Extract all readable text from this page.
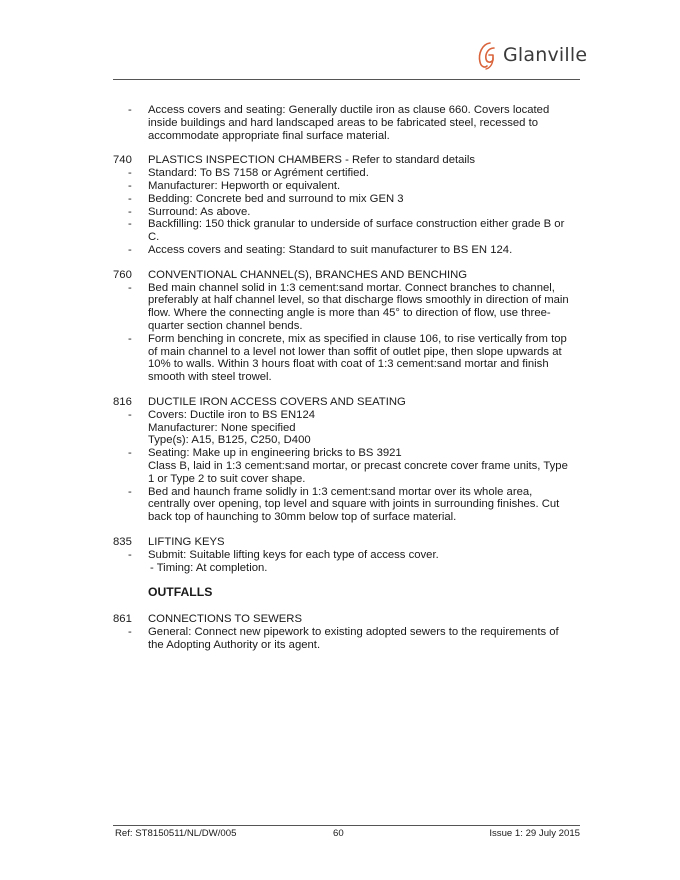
Glanville
-	Access covers and seating: Generally ductile iron as clause 660. Covers located
inside buildings and hard landscaped areas to be fabricated steel, recessed to
accommodate appropriate final surface material.
740	PLASTICS INSPECTION CHAMBERS - Refer to standard details
-	Standard: To BS 7158 or Agrément certified.
-	Manufacturer: Hepworth or equivalent.
-	Bedding: Concrete bed and surround to mix GEN 3
-	Surround: As above.
-	Backfilling: 150 thick granular to underside of surface construction either grade B or
C.
-	Access covers and seating: Standard to suit manufacturer to BS EN 124.
760	CONVENTIONAL CHANNEL(S), BRANCHES AND BENCHING
-	Bed main channel solid in 1:3 cement:sand mortar. Connect branches to channel,
preferably at half channel level, so that discharge flows smoothly in direction of main
flow. Where the connecting angle is more than 45° to direction of flow, use three-
quarter section channel bends.
-	Form benching in concrete, mix as specified in clause 106, to rise vertically from top
of main channel to a level not lower than soffit of outlet pipe, then slope upwards at
10% to walls. Within 3 hours float with coat of 1:3 cement:sand mortar and finish
smooth with steel trowel.
816	DUCTILE IRON ACCESS COVERS AND SEATING
-	Covers: Ductile iron to BS EN124
Manufacturer: None specified
Type(s): A15, B125, C250, D400
-	Seating: Make up in engineering bricks to BS 3921
Class B, laid in 1:3 cement:sand mortar, or precast concrete cover frame units, Type
1 or Type 2 to suit cover shape.
-	Bed and haunch frame solidly in 1:3 cement:sand mortar over its whole area,
centrally over opening, top level and square with joints in surrounding finishes. Cut
back top of haunching to 30mm below top of surface material.
835	LIFTING KEYS
-	Submit: Suitable lifting keys for each type of access cover.
- Timing: At completion.
OUTFALLS
861	CONNECTIONS TO SEWERS
-	General: Connect new pipework to existing adopted sewers to the requirements of
the Adopting Authority or its agent.
Ref: ST8150511/NL/DW/005	60	Issue 1: 29 July 2015
